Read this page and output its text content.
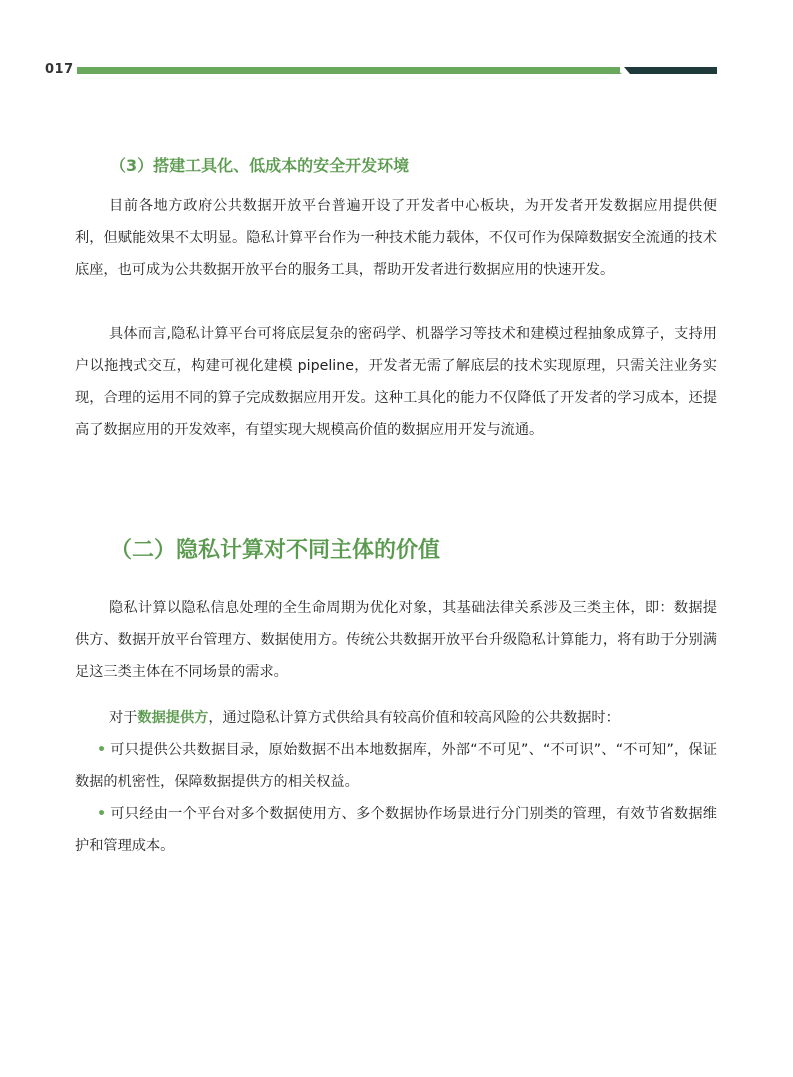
017
（3）搭建工具化、低成本的安全开发环境

目前各地方政府公共数据开放平台普遍开设了开发者中心板块，为开发者开发数据应用提供便利，但赋能效果不太明显。隐私计算平台作为一种技术能力载体，不仅可作为保障数据安全流通的技术底座，也可成为公共数据开放平台的服务工具，帮助开发者进行数据应用的快速开发。

具体而言,隐私计算平台可将底层复杂的密码学、机器学习等技术和建模过程抽象成算子，支持用户以拖拽式交互，构建可视化建模 pipeline，开发者无需了解底层的技术实现原理，只需关注业务实现，合理的运用不同的算子完成数据应用开发。这种工具化的能力不仅降低了开发者的学习成本，还提高了数据应用的开发效率，有望实现大规模高价值的数据应用开发与流通。

（二）隐私计算对不同主体的价值

隐私计算以隐私信息处理的全生命周期为优化对象，其基础法律关系涉及三类主体，即：数据提供方、数据开放平台管理方、数据使用方。传统公共数据开放平台升级隐私计算能力，将有助于分别满足这三类主体在不同场景的需求。

对于数据提供方，通过隐私计算方式供给具有较高价值和较高风险的公共数据时：

• 可只提供公共数据目录，原始数据不出本地数据库，外部“不可见”、“不可识”、“不可知”，保证数据的机密性，保障数据提供方的相关权益。

• 可只经由一个平台对多个数据使用方、多个数据协作场景进行分门别类的管理，有效节省数据维护和管理成本。
